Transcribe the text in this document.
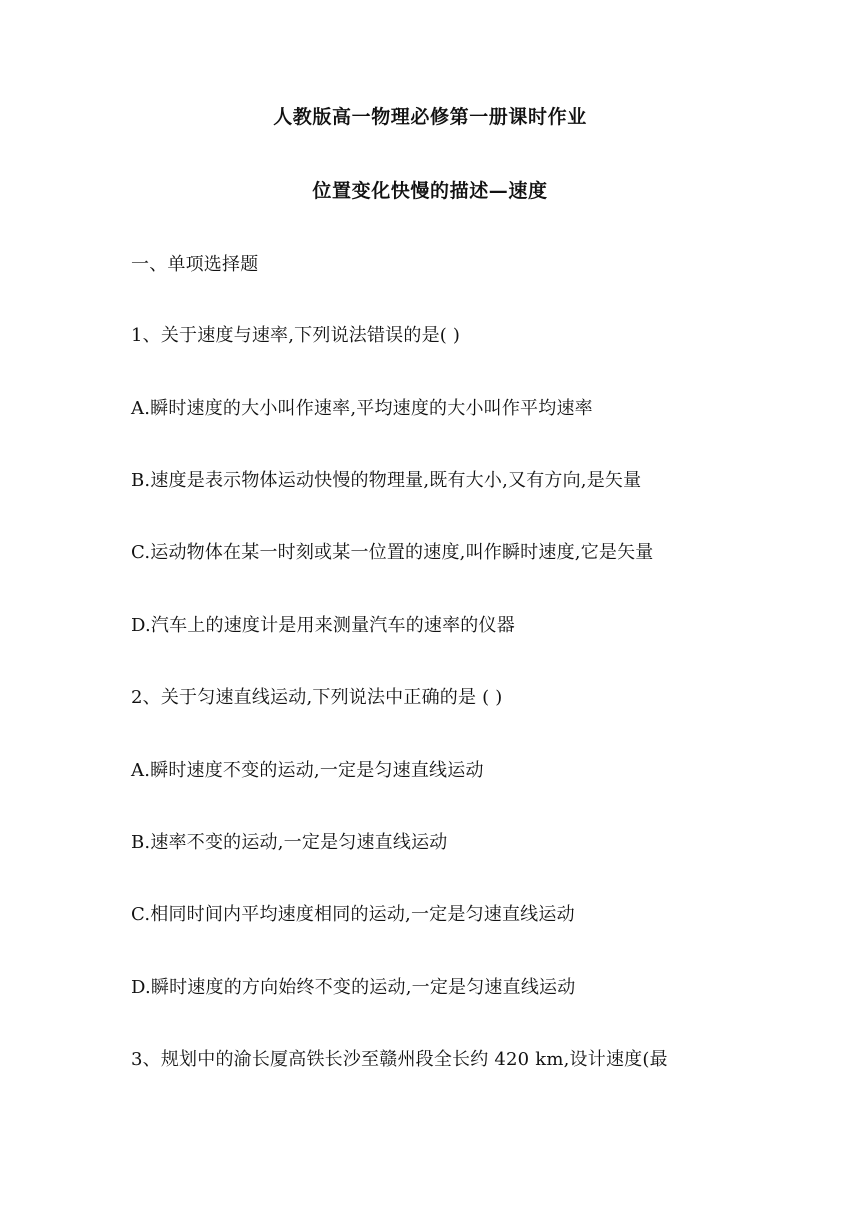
人教版高一物理必修第一册课时作业
位置变化快慢的描述—速度
一、单项选择题
1、关于速度与速率,下列说法错误的是( )
A.瞬时速度的大小叫作速率,平均速度的大小叫作平均速率
B.速度是表示物体运动快慢的物理量,既有大小,又有方向,是矢量
C.运动物体在某一时刻或某一位置的速度,叫作瞬时速度,它是矢量
D.汽车上的速度计是用来测量汽车的速率的仪器
2、关于匀速直线运动,下列说法中正确的是 ( )
A.瞬时速度不变的运动,一定是匀速直线运动
B.速率不变的运动,一定是匀速直线运动
C.相同时间内平均速度相同的运动,一定是匀速直线运动
D.瞬时速度的方向始终不变的运动,一定是匀速直线运动
3、规划中的渝长厦高铁长沙至赣州段全长约 420 km,设计速度(最
